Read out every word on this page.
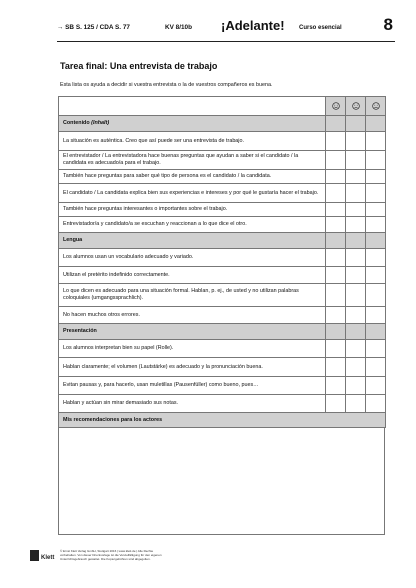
→ SB S. 125 / CDA S. 77	KV 8/10b ¡Adelante! Curso esencial 8
Tarea final: Una entrevista de trabajo
Esta lista os ayuda a decidir si vuestra entrevista o la de vuestros compañeros es buena.
Contenido
(Inhalt)
La situación es auténtica. Creo que así puede ser una entrevista de trabajo.
El entrevistador / La entrevistadora hace buenas preguntas que ayudan a saber si el candidato / la candidata es adecuado/a para el trabajo.
También hace preguntas para saber qué tipo de persona es el candidato / la candidata.
El candidato / La candidata explica bien sus experiencias e intereses y por qué le gustaría hacer el trabajo.
También hace preguntas interesantes o importantes sobre el trabajo.
Entrevistador/a y candidato/a se escuchan y reaccionan a lo que dice el otro.
Lengua
Los alumnos usan un vocabulario adecuado y variado.
Utilizan el pretérito indefinido correctamente.
Lo que dicen es adecuado para una situación formal. Hablan, p. ej., de usted y no utilizan palabras coloquiales (umgangssprachlich).
No hacen muchos otros errores.
Presentación
Los alumnos interpretan bien su papel (Rolle).
Hablan claramente; el volumen (Lautstärke) es adecuado y la pronunciación buena.
Evitan pausas y, para hacerlo, usan muletillas (Pausenfüller) como bueno, pues…
Hablan y actúan sin mirar demasiado sus notas.
Mis recomendaciones para los actores
Klett
© Ernst Klett Verlag GmbH, Stuttgart 2016 | www.klett.de | Alle Rechte
vorbehalten. Von dieser Druckvorlage ist die Vervielfältigung für den eigenen
Unterrichtsgebrauch gestattet. Die Kopiergebühren sind abgegolten.
